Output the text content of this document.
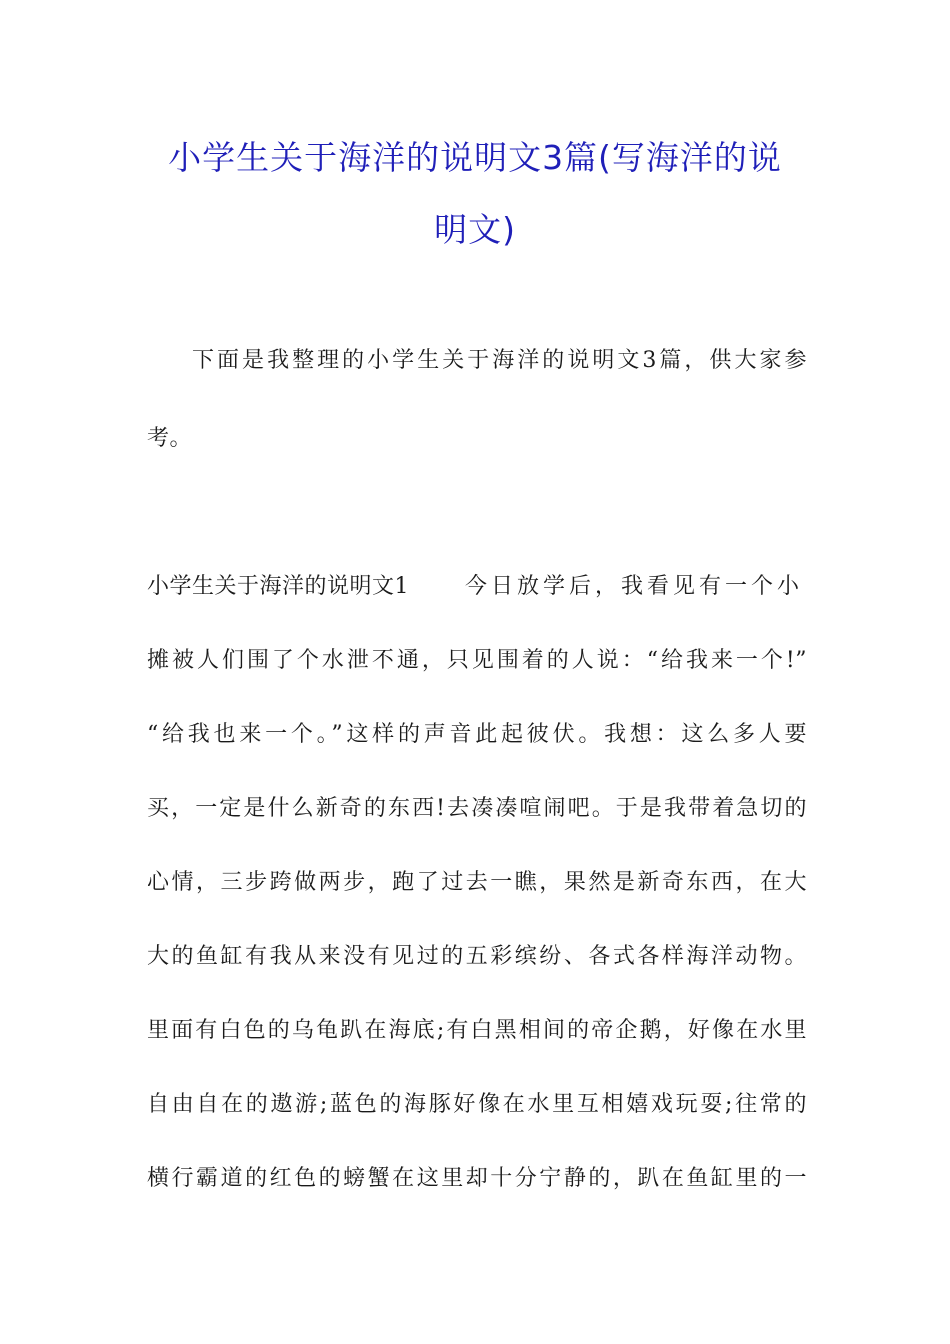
小学生关于海洋的说明文3篇(写海洋的说
明文)
下面是我整理的小学生关于海洋的说明文3篇，供大家参
考。
小学生关于海洋的说明文1	今日放学后，我看见有一个小
摊被人们围了个水泄不通，只见围着的人说：“给我来一个!”
“给我也来一个。”这样的声音此起彼伏。我想：这么多人要
买，一定是什么新奇的东西!去凑凑喧闹吧。于是我带着急切的
心情，三步跨做两步，跑了过去一瞧，果然是新奇东西，在大
大的鱼缸有我从来没有见过的五彩缤纷、各式各样海洋动物。
里面有白色的乌龟趴在海底;有白黑相间的帝企鹅，好像在水里
自由自在的遨游;蓝色的海豚好像在水里互相嬉戏玩耍;往常的
横行霸道的红色的螃蟹在这里却十分宁静的，趴在鱼缸里的一
